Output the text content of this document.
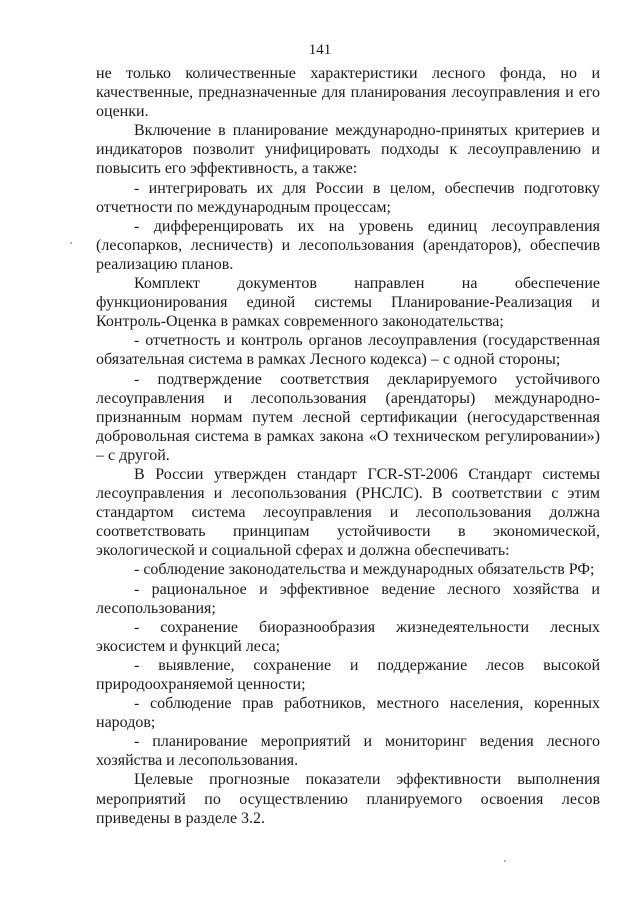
141

не только количественные характеристики лесного фонда, но и качественные, предназначенные для планирования лесоуправления и его оценки.

Включение в планирование международно-принятых критериев и индикаторов позволит унифицировать подходы к лесоуправлению и повысить его эффективность, а также:

- интегрировать их для России в целом, обеспечив подготовку отчетности по международным процессам;

- дифференцировать их на уровень единиц лесоуправления (лесопарков, лесничеств) и лесопользования (арендаторов), обеспечив реализацию планов.

Комплект документов направлен на обеспечение функционирования единой системы Планирование-Реализация и Контроль-Оценка в рамках современного законодательства;

- отчетность и контроль органов лесоуправления (государственная обязательная система в рамках Лесного кодекса) – с одной стороны;

- подтверждение соответствия декларируемого устойчивого лесоуправления и лесопользования (арендаторы) международно-признанным нормам путем лесной сертификации (негосударственная добровольная система в рамках закона «О техническом регулировании») – с другой.

В России утвержден стандарт ГСR-ST-2006 Стандарт системы лесоуправления и лесопользования (РНСЛС). В соответствии с этим стандартом система лесоуправления и лесопользования должна соответствовать принципам устойчивости в экономической, экологической и социальной сферах и должна обеспечивать:

- соблюдение законодательства и международных обязательств РФ;

- рациональное и эффективное ведение лесного хозяйства и лесопользования;

- сохранение биоразнообразия жизнедеятельности лесных экосистем и функций леса;

- выявление, сохранение и поддержание лесов высокой природоохраняемой ценности;

- соблюдение прав работников, местного населения, коренных народов;

- планирование мероприятий и мониторинг ведения лесного хозяйства и лесопользования.

Целевые прогнозные показатели эффективности выполнения мероприятий по осуществлению планируемого освоения лесов приведены в разделе 3.2.
